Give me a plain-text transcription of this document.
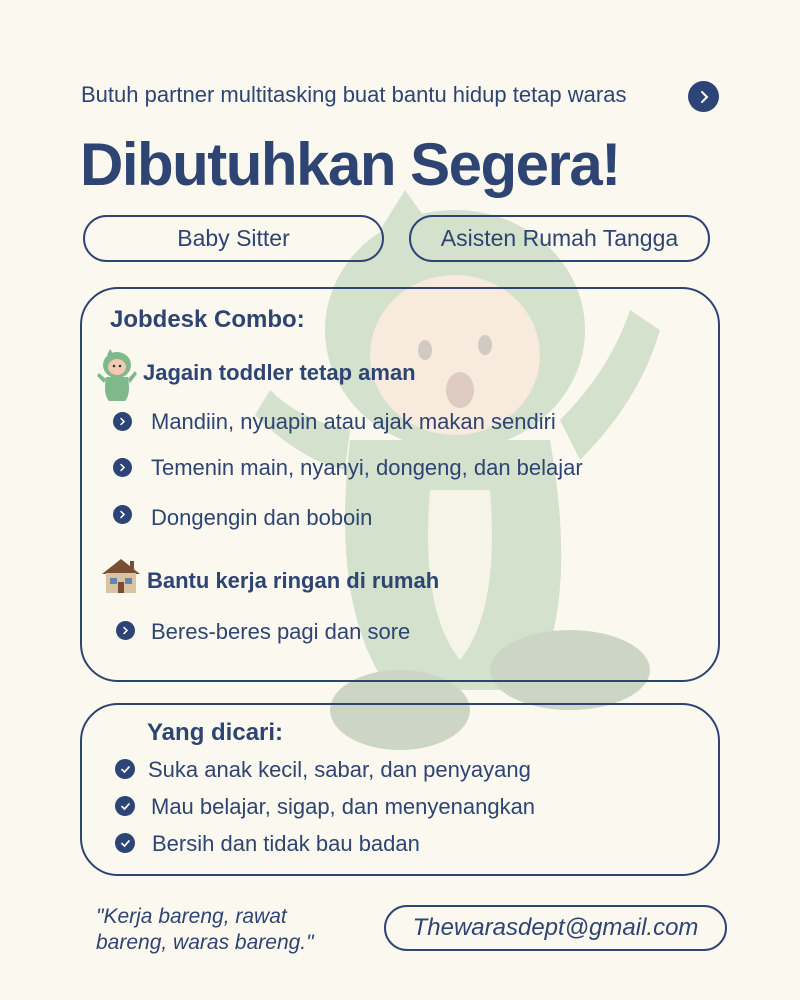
Butuh partner multitasking buat bantu hidup tetap waras
Dibutuhkan Segera!
Baby Sitter	Asisten Rumah Tangga
Jobdesk Combo:
Jagain toddler tetap aman
Mandiin, nyuapin atau ajak makan sendiri
Temenin main, nyanyi, dongeng, dan belajar
Dongengin dan boboin
Bantu kerja ringan di rumah
Beres-beres pagi dan sore
Yang dicari:
Suka anak kecil, sabar, dan penyayang
Mau belajar, sigap, dan menyenangkan
Bersih dan tidak bau badan
"Kerja bareng, rawat
bareng, waras bareng."
Thewarasdept@gmail.com
